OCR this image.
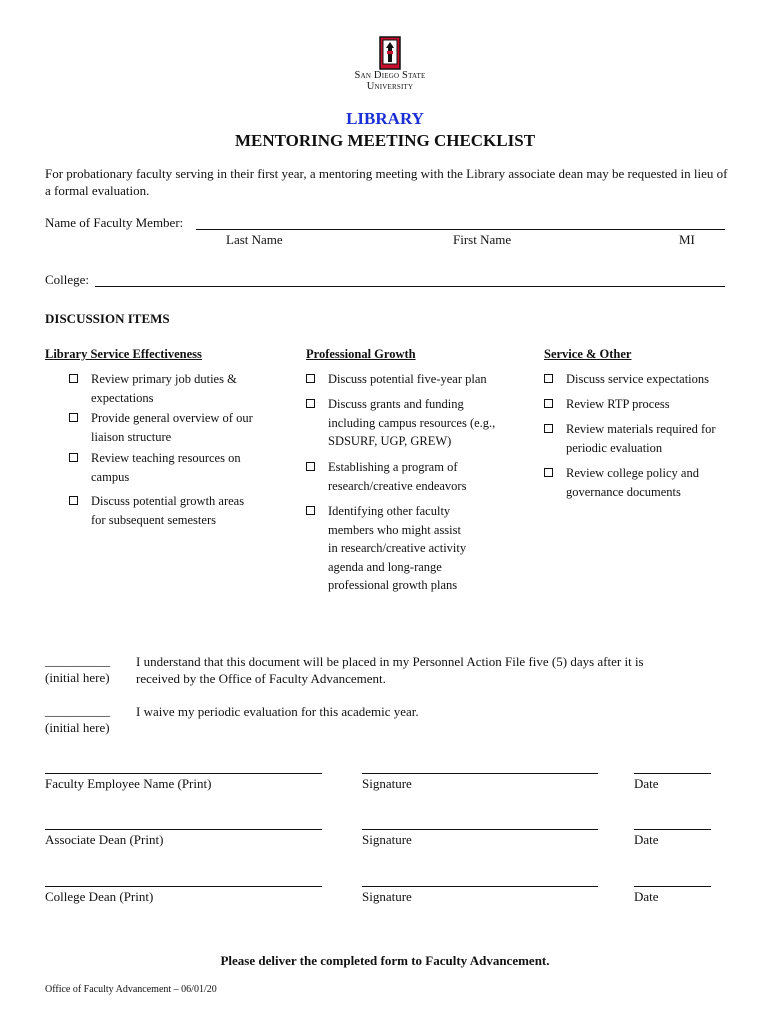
San Diego State
University
LIBRARY
MENTORING MEETING CHECKLIST
For probationary faculty serving in their first year, a mentoring meeting with the Library associate dean may be requested in lieu of a formal evaluation.
Name of Faculty Member:
Last Name	First Name	MI
College:
DISCUSSION ITEMS
Library Service Effectiveness	Professional Growth	Service & Other
Review primary job duties &
expectations
Provide general overview of our
liaison structure
Review teaching resources on
campus
Discuss potential growth areas
for subsequent semesters
Discuss potential five-year plan
Discuss grants and funding
including campus resources (e.g.,
SDSURF, UGP, GREW)
Establishing a program of
research/creative endeavors
Identifying other faculty
members who might assist
in research/creative activity
agenda and long-range
professional growth plans
Discuss service expectations
Review RTP process
Review materials required for
periodic evaluation
Review college policy and
governance documents
__________
(initial here)
I understand that this document will be placed in my Personnel Action File five (5) days after it is
received by the Office of Faculty Advancement.
__________
(initial here)
I waive my periodic evaluation for this academic year.
Faculty Employee Name (Print)	Signature	Date
Associate Dean (Print)	Signature	Date
College Dean (Print)	Signature	Date
Please deliver the completed form to Faculty Advancement.
Office of Faculty Advancement – 06/01/20
